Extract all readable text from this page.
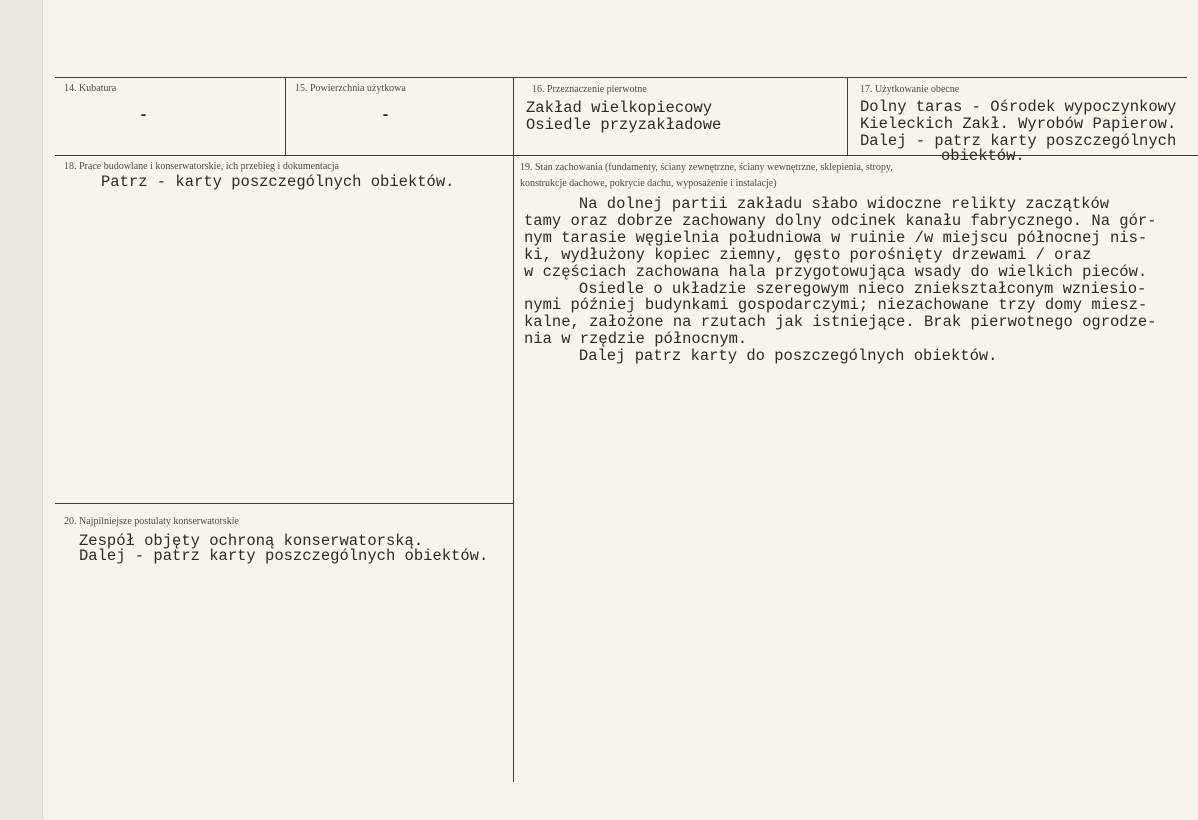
14. Kubatura
-
15. Powierzchnia użytkowa
-
16. Przeznaczenie pierwotne
Zakład wielkopiecowy
Osiedle przyzakładowe
17. Użytkowanie obecne
Dolny taras - Ośrodek wypoczynkowy
Kieleckich Zakł. Wyrobów Papierow.
Dalej - patrz karty poszczególnych
obiektów.
18. Prace budowlane i konserwatorskie, ich przebieg i dokumentacja
Patrz - karty poszczególnych obiektów.
19. Stan zachowania (fundamenty, ściany zewnętrzne, ściany wewnętrzne, sklepienia, stropy,
konstrukcje dachowe, pokrycie dachu, wyposażenie i instalacje)
Na dolnej partii zakładu słabo widoczne relikty zaczątków
tamy oraz dobrze zachowany dolny odcinek kanału fabrycznego. Na gór-
nym tarasie węgielnia południowa w ruinie /w miejscu północnej nis-
ki, wydłużony kopiec ziemny, gęsto porośnięty drzewami / oraz
w częściach zachowana hala przygotowująca wsady do wielkich pieców.
Osiedle o układzie szeregowym nieco zniekształconym wzniesio-
nymi później budynkami gospodarczymi; niezachowane trzy domy miesz-
kalne, założone na rzutach jak istniejące. Brak pierwotnego ogrodze-
nia w rzędzie północnym.
Dalej patrz karty do poszczególnych obiektów.
20. Najpilniejsze postulaty konserwatorskie
Zespół objęty ochroną konserwatorską.
Dalej - patrz karty poszczególnych obiektów.
